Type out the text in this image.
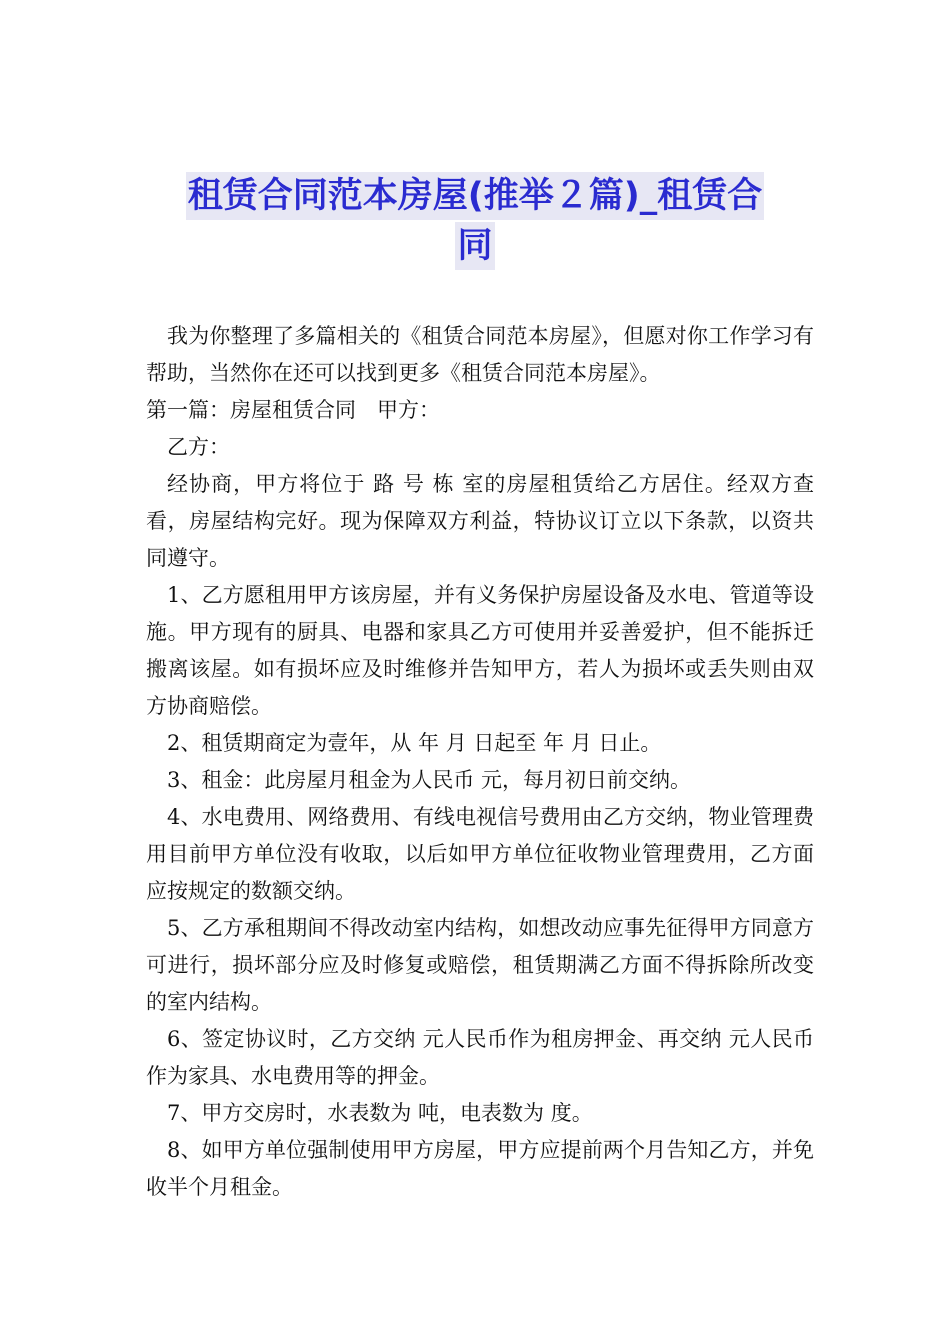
租赁合同范本房屋(推举２篇)_租赁合
同

我为你整理了多篇相关的《租赁合同范本房屋》，但愿对你工作学习有帮助，当然你在还可以找到更多《租赁合同范本房屋》。

第一篇：房屋租赁合同　甲方：

乙方：

经协商，甲方将位于 路 号 栋 室的房屋租赁给乙方居住。经双方查看，房屋结构完好。现为保障双方利益，特协议订立以下条款，以资共同遵守。

1、乙方愿租用甲方该房屋，并有义务保护房屋设备及水电、管道等设施。甲方现有的厨具、电器和家具乙方可使用并妥善爱护，但不能拆迁搬离该屋。如有损坏应及时维修并告知甲方，若人为损坏或丢失则由双方协商赔偿。

2、租赁期商定为壹年，从 年 月 日起至 年 月 日止。

3、租金：此房屋月租金为人民币 元，每月初日前交纳。

4、水电费用、网络费用、有线电视信号费用由乙方交纳，物业管理费用目前甲方单位没有收取，以后如甲方单位征收物业管理费用，乙方面应按规定的数额交纳。

5、乙方承租期间不得改动室内结构，如想改动应事先征得甲方同意方可进行，损坏部分应及时修复或赔偿，租赁期满乙方面不得拆除所改变的室内结构。

6、签定协议时，乙方交纳 元人民币作为租房押金、再交纳 元人民币作为家具、水电费用等的押金。

7、甲方交房时，水表数为 吨，电表数为 度。

8、如甲方单位强制使用甲方房屋，甲方应提前两个月告知乙方，并免收半个月租金。
